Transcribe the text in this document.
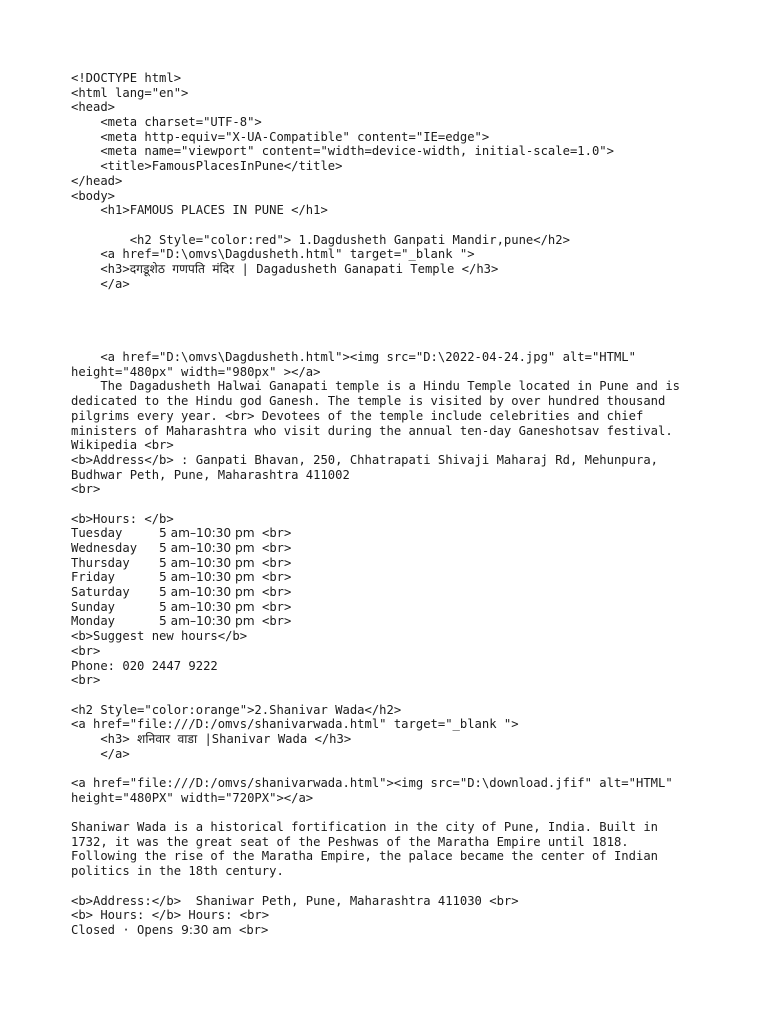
<!DOCTYPE html>
<html lang="en">
<head>
<meta charset="UTF-8">
<meta http-equiv="X-UA-Compatible" content="IE=edge">
<meta name="viewport" content="width=device-width, initial-scale=1.0">
<title>FamousPlacesInPune</title>
</head>
<body>
<h1>FAMOUS PLACES IN PUNE </h1>
<h2 Style="color:red"> 1.Dagdusheth Ganpati Mandir,pune</h2>
<a href="D:\omvs\Dagdusheth.html" target="_blank ">
<h3>दगडूशेठ गणपति मंदिर | Dagadusheth Ganapati Temple </h3>
</a>
<a href="D:\omvs\Dagdusheth.html"><img src="D:\2022-04-24.jpg" alt="HTML"
height="480px" width="980px" ></a>
The Dagadusheth Halwai Ganapati temple is a Hindu Temple located in Pune and is
dedicated to the Hindu god Ganesh. The temple is visited by over hundred thousand
pilgrims every year. <br> Devotees of the temple include celebrities and chief
ministers of Maharashtra who visit during the annual ten-day Ganeshotsav festival.
Wikipedia <br>
<b>Address</b> : Ganpati Bhavan, 250, Chhatrapati Shivaji Maharaj Rd, Mehunpura,
Budhwar Peth, Pune, Maharashtra 411002
<br>
<b>Hours: </b>
Tuesday	5 am–10:30 pm <br>
Wednesday	5 am–10:30 pm <br>
Thursday	5 am–10:30 pm <br>
Friday	5 am–10:30 pm <br>
Saturday	5 am–10:30 pm <br>
Sunday	5 am–10:30 pm <br>
Monday	5 am–10:30 pm <br>
<b>Suggest new hours</b>
<br>
Phone: 020 2447 9222
<br>
<h2 Style="color:orange">2.Shanivar Wada</h2>
<a href="file:///D:/omvs/shanivarwada.html" target="_blank ">
<h3> शनिवार वाडा |Shanivar Wada </h3>
</a>
<a href="file:///D:/omvs/shanivarwada.html"><img src="D:\download.jfif" alt="HTML"
height="480PX" width="720PX"></a>
Shaniwar Wada is a historical fortification in the city of Pune, India. Built in
1732, it was the great seat of the Peshwas of the Maratha Empire until 1818.
Following the rise of the Maratha Empire, the palace became the center of Indian
politics in the 18th century.
<b>Address:</b>  Shaniwar Peth, Pune, Maharashtra 411030 <br>
<b> Hours: </b> Hours: <br>
Closed · Opens 9:30 am <br>
